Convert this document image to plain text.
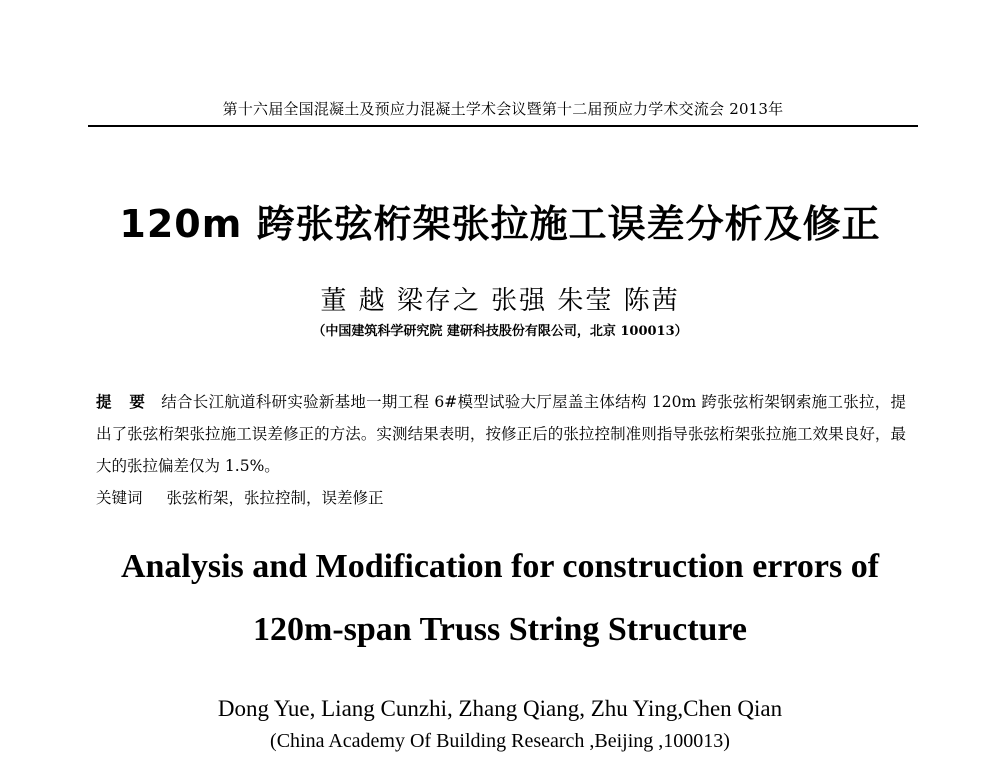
第十六届全国混凝土及预应力混凝土学术会议暨第十二届预应力学术交流会 2013年
120m 跨张弦桁架张拉施工误差分析及修正
董 越 梁存之 张强 朱莹 陈茜
（中国建筑科学研究院 建研科技股份有限公司，北京 100013）
提 要 结合长江航道科研实验新基地一期工程 6#模型试验大厅屋盖主体结构 120m 跨张弦桁架钢索施工张拉，提出了张弦桁架张拉施工误差修正的方法。实测结果表明，按修正后的张拉控制准则指导张弦桁架张拉施工效果良好，最大的张拉偏差仅为 1.5%。
关键词 张弦桁架，张拉控制，误差修正
Analysis and Modification for construction errors of
120m-span Truss String Structure
Dong Yue, Liang Cunzhi, Zhang Qiang, Zhu Ying,Chen Qian
(China Academy Of Building Research ,Beijing ,100013)
